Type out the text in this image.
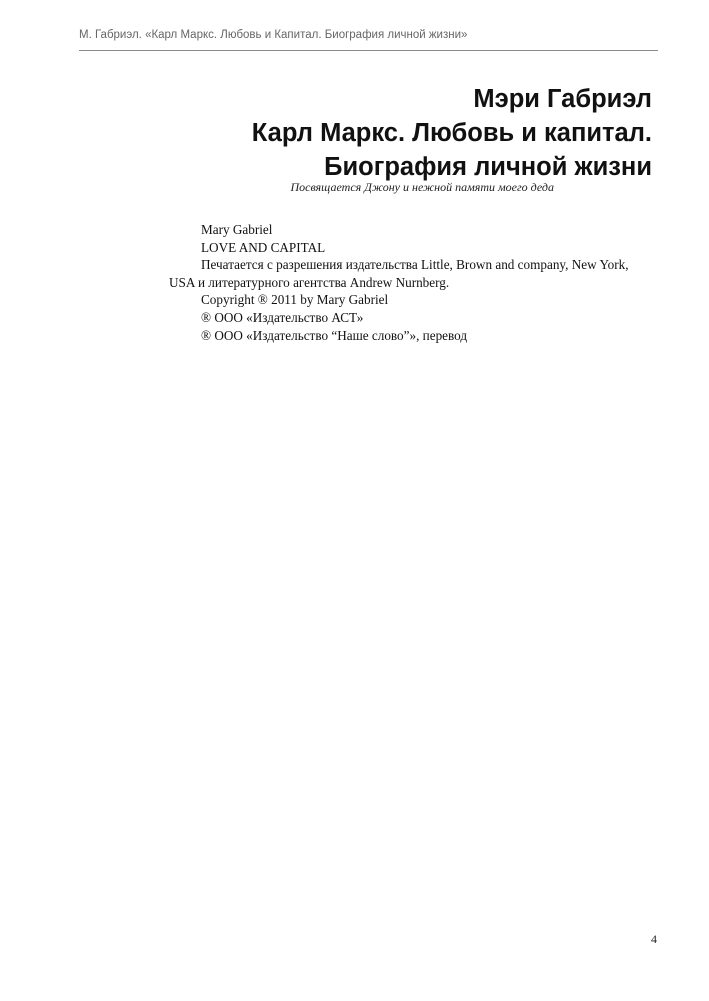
М. Габриэл. «Карл Маркс. Любовь и Капитал. Биография личной жизни»
Мэри Габриэл
Карл Маркс. Любовь и капитал.
Биография личной жизни
Посвящается Джону и нежной памяти моего деда

Mary Gabriel

LOVE AND CAPITAL

Печатается с разрешения издательства Little, Brown and company, New York, USA и литературного агентства Andrew Nurnberg.

Copyright ® 2011 by Mary Gabriel

® ООО «Издательство АСТ»

® ООО «Издательство “Наше слово”», перевод

4
